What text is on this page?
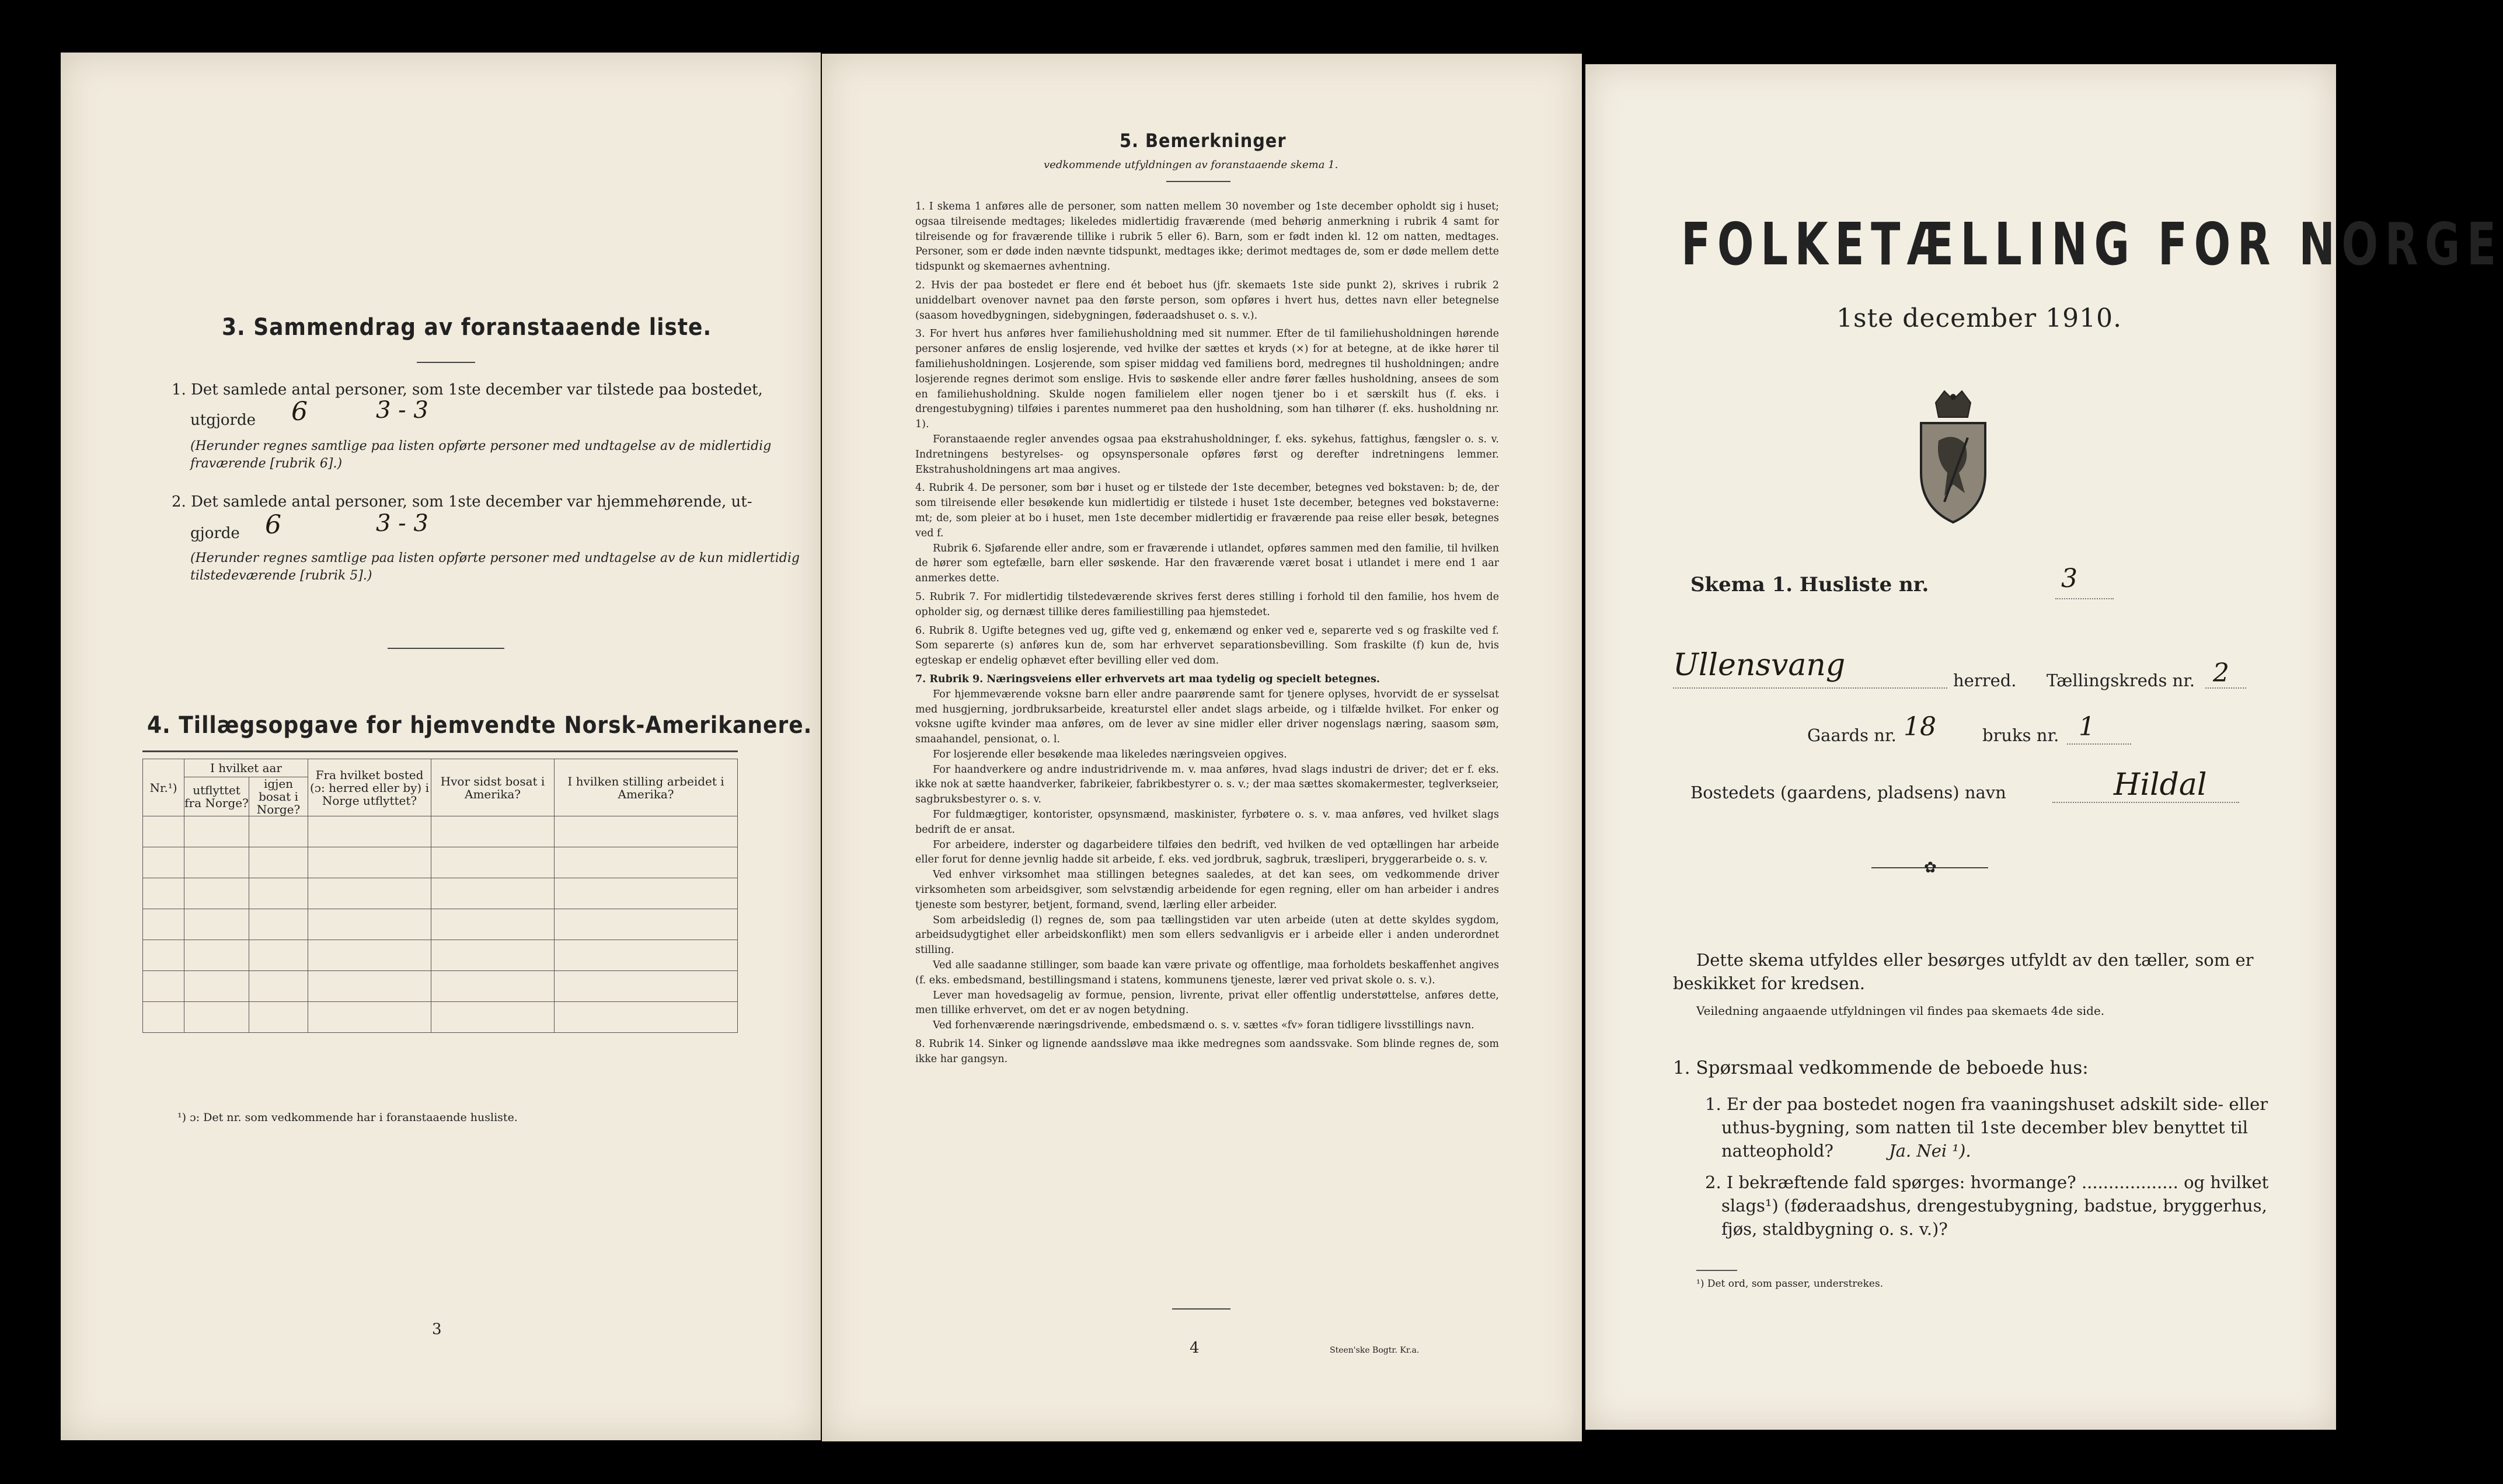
3. Sammendrag av foranstaaende liste.
1. Det samlede antal personer, som 1ste december var tilstede paa bostedet,
utgjorde 6	3 - 3
(Herunder regnes samtlige paa listen opførte personer med undtagelse av de midlertidig fraværende [rubrik 6].)
2. Det samlede antal personer, som 1ste december var hjemmehørende, ut-
gjorde 6	3 - 3
(Herunder regnes samtlige paa listen opførte personer med undtagelse av de kun midlertidig tilstedeværende [rubrik 5].)
4. Tillægsopgave for hjemvendte Norsk-Amerikanere.
Nr.¹)	I hvilket aar		Fra hvilket bosted (ɔ: herred eller by) i Norge utflyttet?	Hvor sidst bosat i Amerika?	I hvilken stilling arbeidet i Amerika?
	utflyttet fra Norge?	igjen bosat i Norge?			

¹) ɔ: Det nr. som vedkommende har i foranstaaende husliste.
3
5. Bemerkninger
vedkommende utfyldningen av foranstaaende skema 1.

1. I skema 1 anføres alle de personer, som natten mellem 30 november og 1ste december opholdt sig i huset; ogsaa tilreisende medtages; likeledes midlertidig fraværende (med behørig anmerkning i rubrik 4 samt for tilreisende og for fraværende tillike i rubrik 5 eller 6). Barn, som er født inden kl. 12 om natten, medtages. Personer, som er døde inden nævnte tidspunkt, medtages ikke; derimot medtages de, som er døde mellem dette tidspunkt og skemaernes avhentning.

2. Hvis der paa bostedet er flere end ét beboet hus (jfr. skemaets 1ste side punkt 2), skrives i rubrik 2 uniddelbart ovenover navnet paa den første person, som opføres i hvert hus, dettes navn eller betegnelse (saasom hovedbygningen, sidebygningen, føderaadshuset o. s. v.).

3. For hvert hus anføres hver familiehusholdning med sit nummer. Efter de til familiehusholdningen hørende personer anføres de enslig losjerende, ved hvilke der sættes et kryds (×) for at betegne, at de ikke hører til familiehusholdningen. Losjerende, som spiser middag ved familiens bord, medregnes til husholdningen; andre losjerende regnes derimot som enslige. Hvis to søskende eller andre fører fælles husholdning, ansees de som en familiehusholdning. Skulde nogen familielem eller nogen tjener bo i et særskilt hus (f. eks. i drengestubygning) tilføies i parentes nummeret paa den husholdning, som han tilhører (f. eks. husholdning nr. 1).

Foranstaaende regler anvendes ogsaa paa ekstrahusholdninger, f. eks. sykehus, fattighus, fængsler o. s. v. Indretningens bestyrelses- og opsynspersonale opføres først og derefter indretningens lemmer. Ekstrahusholdningens art maa angives.

4. Rubrik 4. De personer, som bør i huset og er tilstede der 1ste december, betegnes ved bokstaven: b; de, der som tilreisende eller besøkende kun midlertidig er tilstede i huset 1ste december, betegnes ved bokstaverne: mt; de, som pleier at bo i huset, men 1ste december midlertidig er fraværende paa reise eller besøk, betegnes ved f.

Rubrik 6. Sjøfarende eller andre, som er fraværende i utlandet, opføres sammen med den familie, til hvilken de hører som egtefælle, barn eller søskende. Har den fraværende været bosat i utlandet i mere end 1 aar anmerkes dette.

5. Rubrik 7. For midlertidig tilstedeværende skrives ferst deres stilling i forhold til den familie, hos hvem de opholder sig, og dernæst tillike deres familiestilling paa hjemstedet.

6. Rubrik 8. Ugifte betegnes ved ug, gifte ved g, enkemænd og enker ved e, separerte ved s og fraskilte ved f. Som separerte (s) anføres kun de, som har erhvervet separationsbevilling. Som fraskilte (f) kun de, hvis egteskap er endelig ophævet efter bevilling eller ved dom.

7. Rubrik 9. Næringsveiens eller erhvervets art maa tydelig og specielt betegnes.

For hjemmeværende voksne barn eller andre paarørende samt for tjenere oplyses, hvorvidt de er sysselsat med husgjerning, jordbruksarbeide, kreaturstel eller andet slags arbeide, og i tilfælde hvilket. For enker og voksne ugifte kvinder maa anføres, om de lever av sine midler eller driver nogenslags næring, saasom søm, smaahandel, pensionat, o. l.

For losjerende eller besøkende maa likeledes næringsveien opgives.

For haandverkere og andre industridrivende m. v. maa anføres, hvad slags industri de driver; det er f. eks. ikke nok at sætte haandverker, fabrikeier, fabrikbestyrer o. s. v.; der maa sættes skomakermester, teglverkseier, sagbruksbestyrer o. s. v.

For fuldmægtiger, kontorister, opsynsmænd, maskinister, fyrbøtere o. s. v. maa anføres, ved hvilket slags bedrift de er ansat.

For arbeidere, inderster og dagarbeidere tilføies den bedrift, ved hvilken de ved optællingen har arbeide eller forut for denne jevnlig hadde sit arbeide, f. eks. ved jordbruk, sagbruk, træsliperi, bryggerarbeide o. s. v.

Ved enhver virksomhet maa stillingen betegnes saaledes, at det kan sees, om vedkommende driver virksomheten som arbeidsgiver, som selvstændig arbeidende for egen regning, eller om han arbeider i andres tjeneste som bestyrer, betjent, formand, svend, lærling eller arbeider.

Som arbeidsledig (l) regnes de, som paa tællingstiden var uten arbeide (uten at dette skyldes sygdom, arbeidsudygtighet eller arbeidskonflikt) men som ellers sedvanligvis er i arbeide eller i anden underordnet stilling.

Ved alle saadanne stillinger, som baade kan være private og offentlige, maa forholdets beskaffenhet angives (f. eks. embedsmand, bestillingsmand i statens, kommunens tjeneste, lærer ved privat skole o. s. v.).

Lever man hovedsagelig av formue, pension, livrente, privat eller offentlig understøttelse, anføres dette, men tillike erhvervet, om det er av nogen betydning.

Ved forhenværende næringsdrivende, embedsmænd o. s. v. sættes «fv» foran tidligere livsstillings navn.

8. Rubrik 14. Sinker og lignende aandssløve maa ikke medregnes som aandssvake. Som blinde regnes de, som ikke har gangsyn.

4	Steen'ske Bogtr. Kr.a.
FOLKETÆLLING FOR NORGE
1ste december 1910.
Skema 1. Husliste nr.	3
Ullensvang	herred. Tællingskreds nr. 2
Gaards nr. 18	bruks nr. 1
Bostedets (gaardens, pladsens) navn	Hildal
✿
Dette skema utfyldes eller besørges utfyldt av den tæller, som er beskikket for kredsen.
Veiledning angaaende utfyldningen vil findes paa skemaets 4de side.
1. Spørsmaal vedkommende de beboede hus:
1. Er der paa bostedet nogen fra vaaningshuset adskilt side- eller uthus-bygning, som natten til 1ste december blev benyttet til natteophold?	Ja. Nei ¹).
2. I bekræftende fald spørges: hvormange? .................. og hvilket slags¹) (føderaadshus, drengestubygning, badstue, bryggerhus, fjøs, staldbygning o. s. v.)?
¹) Det ord, som passer, understrekes.
